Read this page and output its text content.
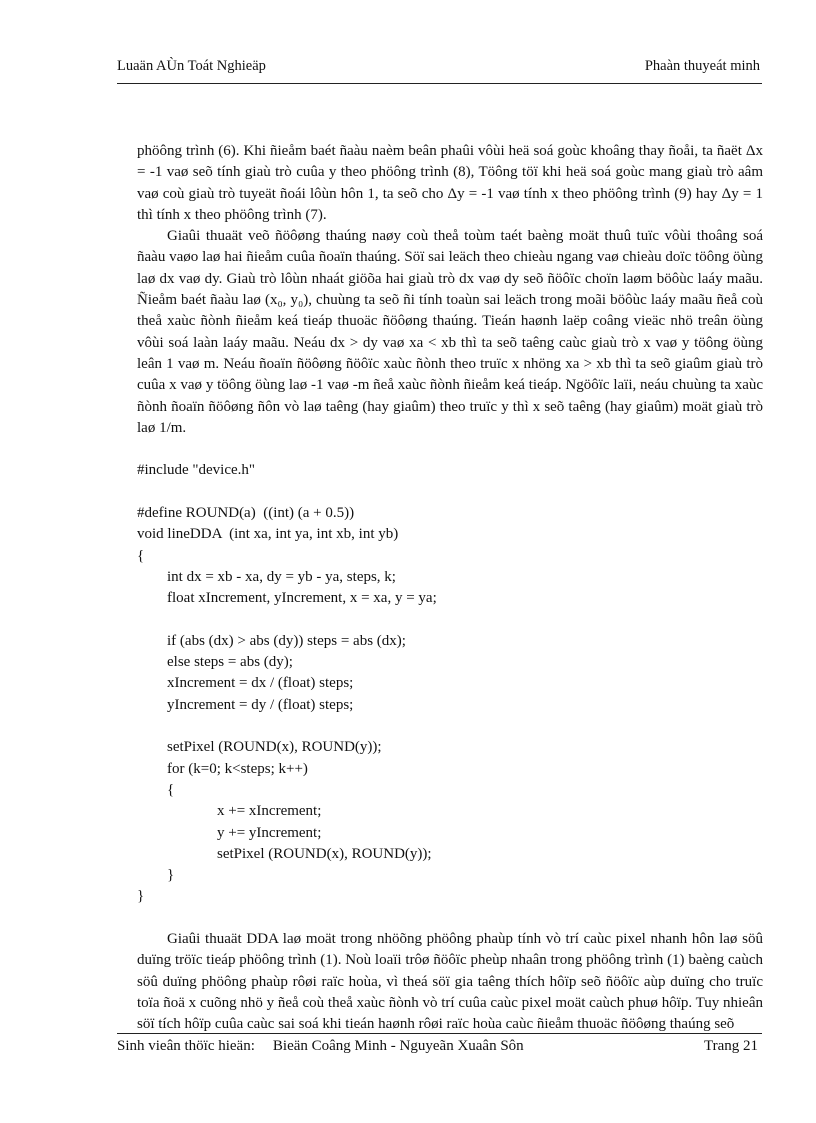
Luaän AÙn Toát Nghieäp	Phaàn thuyeát minh

phöông trình (6). Khi ñieåm baét ñaàu naèm beân phaûi vôùi heä soá goùc khoâng thay ñoåi, ta ñaët Δx = -1 vaø seõ tính giaù trò cuûa y theo phöông trình (8), Töông töï khi heä soá goùc mang giaù trò aâm vaø coù giaù trò tuyeät ñoái lôùn hôn 1, ta seõ cho Δy = -1 vaø tính x theo phöông trình (9) hay Δy = 1 thì tính x theo phöông trình (7).

Giaûi thuaät veõ ñöôøng thaúng naøy coù theå toùm taét baèng moät thuû tuïc vôùi thoâng soá ñaàu vaøo laø hai ñieåm cuûa ñoaïn thaúng. Söï sai leäch theo chieàu ngang vaø chieàu doïc töông öùng laø dx vaø dy. Giaù trò lôùn nhaát giöõa hai giaù trò dx vaø dy seõ ñöôïc choïn laøm böôùc laáy maãu. Ñieåm baét ñaàu laø (x₀, y₀), chuùng ta seõ ñi tính toaùn sai leäch trong moãi böôùc laáy maãu ñeå coù theå xaùc ñònh ñieåm keá tieáp thuoäc ñöôøng thaúng. Tieán haønh laëp coâng vieäc nhö treân öùng vôùi soá laàn laáy maãu. Neáu dx > dy vaø xa < xb thì ta seõ taêng caùc giaù trò x vaø y töông öùng leân 1 vaø m. Neáu ñoaïn ñöôøng ñöôïc xaùc ñònh theo truïc x nhöng xa > xb thì ta seõ giaûm giaù trò cuûa x vaø y töông öùng laø -1 vaø -m ñeå xaùc ñònh ñieåm keá tieáp. Ngöôïc laïi, neáu chuùng ta xaùc ñònh ñoaïn ñöôøng ñôn vò laø taêng (hay giaûm) theo truïc y thì x seõ taêng (hay giaûm) moät giaù trò laø 1/m.

#include "device.h"
#define ROUND(a)  ((int) (a + 0.5))
void lineDDA  (int xa, int ya, int xb, int yb)
{
int dx = xb - xa, dy = yb - ya, steps, k;
float xIncrement, yIncrement, x = xa, y = ya;
if (abs (dx) > abs (dy)) steps = abs (dx);
else steps = abs (dy);
xIncrement = dx / (float) steps;
yIncrement = dy / (float) steps;
setPixel (ROUND(x), ROUND(y));
for (k=0; k<steps; k++)
{
x += xIncrement;
y += yIncrement;
setPixel (ROUND(x), ROUND(y));
}
}

Giaûi thuaät DDA laø moät trong nhöõng phöông phaùp tính vò trí caùc pixel nhanh hôn laø söû duïng tröïc tieáp phöông trình (1). Noù loaïi trôø ñöôïc pheùp nhaân trong phöông trình (1) baèng caùch söû duïng phöông phaùp rôøi raïc hoùa, vì theá söï gia taêng thích hôïp seõ ñöôïc aùp duïng cho truïc toïa ñoä x cuõng nhö y ñeå coù theå xaùc ñònh vò trí cuûa caùc pixel moät caùch phuø hôïp. Tuy nhieân söï tích hôïp cuûa caùc sai soá khi tieán haønh rôøi raïc hoùa caùc ñieåm thuoäc ñöôøng thaúng seõ

Sinh vieân thöïc hieän: Bieän Coâng Minh - Nguyeãn Xuaân Sôn	Trang 21
